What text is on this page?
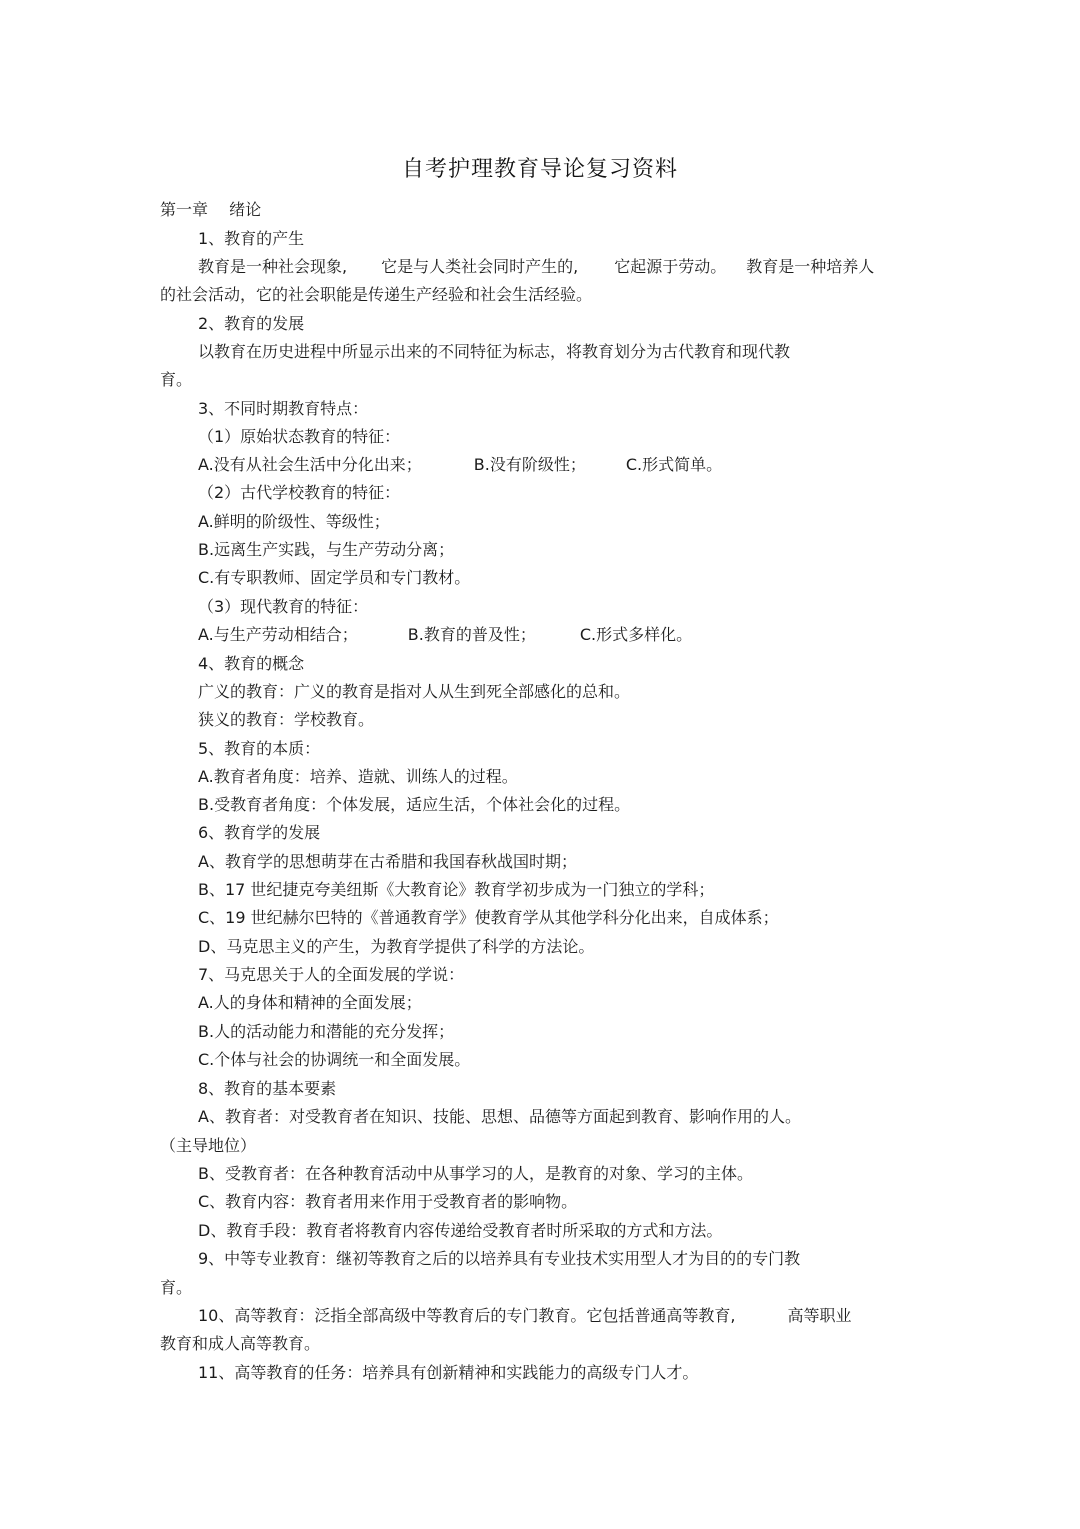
自考护理教育导论复习资料
第一章　 绪论
1、教育的产生
教育是一种社会现象, 它是与人类社会同时产生的, 它起源于劳动。 教育是一种培养人
的社会活动，它的社会职能是传递生产经验和社会生活经验。
2、教育的发展
以教育在历史进程中所显示出来的不同特征为标志，将教育划分为古代教育和现代教
育。
3、不同时期教育特点：
（1）原始状态教育的特征：
A.没有从社会生活中分化出来；	B.没有阶级性；	C.形式简单。
（2）古代学校教育的特征：
A.鲜明的阶级性、等级性；
B.远离生产实践，与生产劳动分离；
C.有专职教师、固定学员和专门教材。
（3）现代教育的特征：
A.与生产劳动相结合；	B.教育的普及性；	C.形式多样化。
4、教育的概念
广义的教育：广义的教育是指对人从生到死全部感化的总和。
狭义的教育：学校教育。
5、教育的本质：
A.教育者角度：培养、造就、训练人的过程。
B.受教育者角度：个体发展，适应生活，个体社会化的过程。
6、教育学的发展
A、教育学的思想萌芽在古希腊和我国春秋战国时期；
B、17 世纪捷克夸美纽斯《大教育论》教育学初步成为一门独立的学科；
C、19 世纪赫尔巴特的《普通教育学》使教育学从其他学科分化出来，自成体系；
D、马克思主义的产生，为教育学提供了科学的方法论。
7、马克思关于人的全面发展的学说：
A.人的身体和精神的全面发展；
B.人的活动能力和潜能的充分发挥；
C.个体与社会的协调统一和全面发展。
8、教育的基本要素
A、教育者：对受教育者在知识、技能、思想、品德等方面起到教育、影响作用的人。
（主导地位）
B、受教育者：在各种教育活动中从事学习的人，是教育的对象、学习的主体。
C、教育内容：教育者用来作用于受教育者的影响物。
D、教育手段：教育者将教育内容传递给受教育者时所采取的方式和方法。
9、中等专业教育：继初等教育之后的以培养具有专业技术实用型人才为目的的专门教
育。
10、高等教育：泛指全部高级中等教育后的专门教育。它包括普通高等教育,	高等职业
教育和成人高等教育。
11、高等教育的任务：培养具有创新精神和实践能力的高级专门人才。
